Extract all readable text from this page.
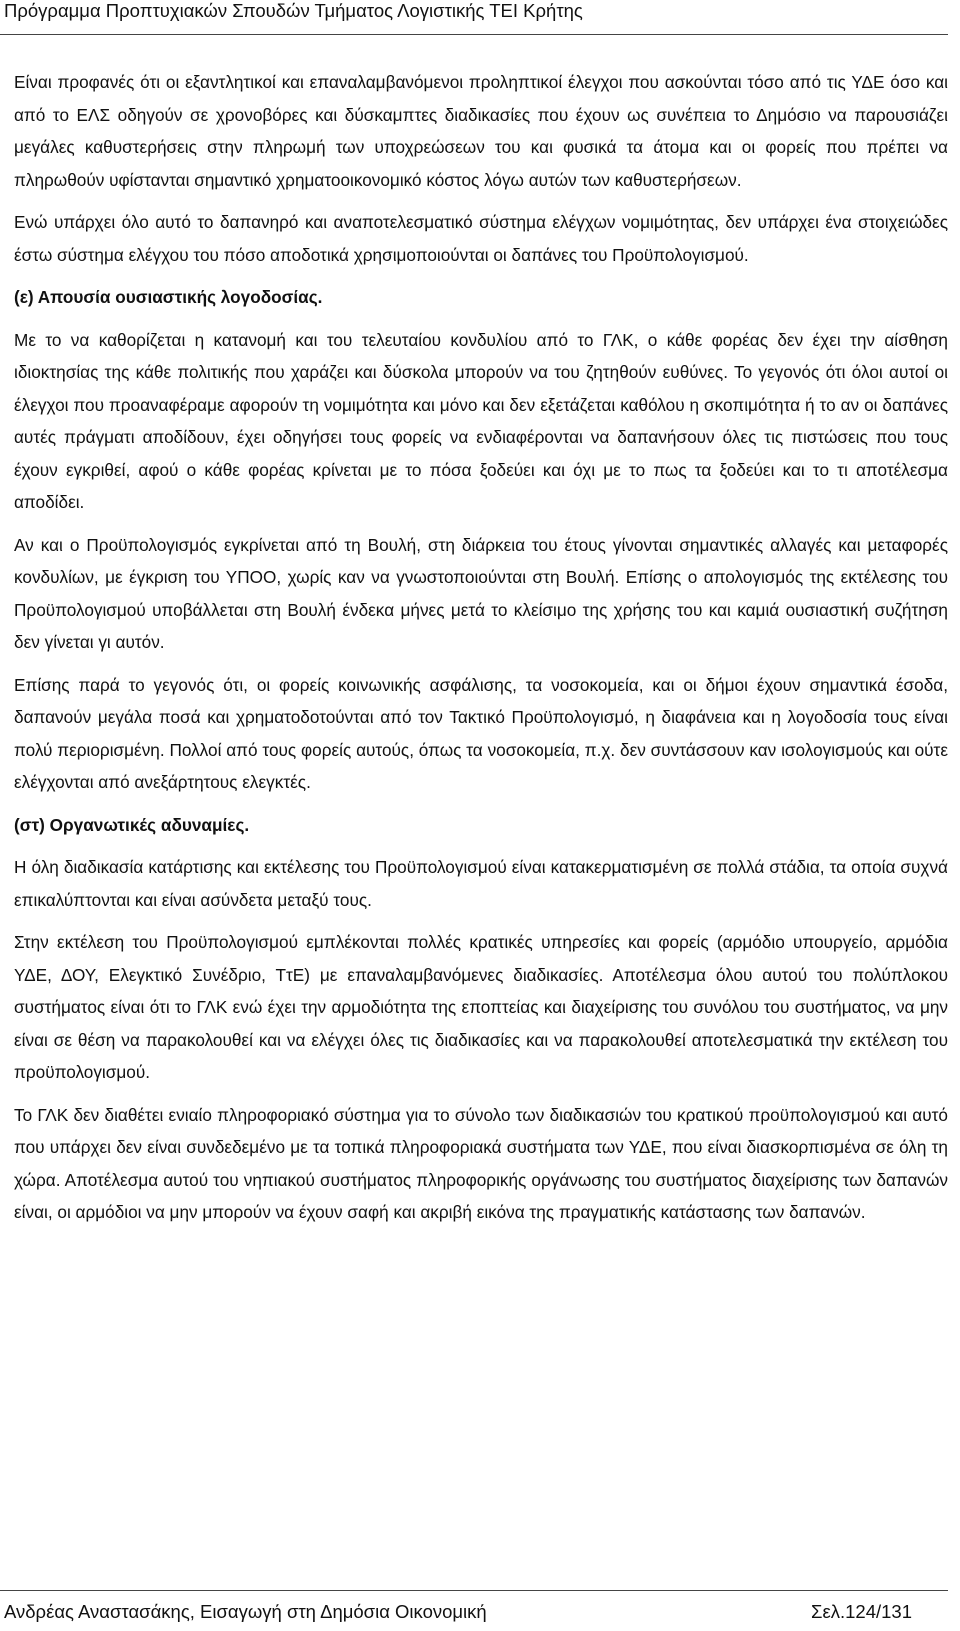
Πρόγραμμα Προπτυχιακών Σπουδών Τμήματος Λογιστικής ΤΕΙ Κρήτης

Είναι προφανές ότι οι εξαντλητικοί και επαναλαμβανόμενοι προληπτικοί έλεγχοι που ασκούνται τόσο από τις ΥΔΕ όσο και από το ΕΛΣ οδηγούν σε χρονοβόρες και δύσκαμπτες διαδικασίες που έχουν ως συνέπεια το Δημόσιο να παρουσιάζει μεγάλες καθυστερήσεις στην πληρωμή των υποχρεώσεων του και φυσικά τα άτομα και οι φορείς που πρέπει να πληρωθούν υφίστανται σημαντικό χρηματοοικονομικό κόστος λόγω αυτών των καθυστερήσεων.

Ενώ υπάρχει όλο αυτό το δαπανηρό και αναποτελεσματικό σύστημα ελέγχων νομιμότητας, δεν υπάρχει ένα στοιχειώδες έστω σύστημα ελέγχου του πόσο αποδοτικά χρησιμοποιούνται οι δαπάνες του Προϋπολογισμού.

(ε) Απουσία ουσιαστικής λογοδοσίας.

Με το να καθορίζεται η κατανομή και του τελευταίου κονδυλίου από το ΓΛΚ, ο κάθε φορέας δεν έχει την αίσθηση ιδιοκτησίας της κάθε πολιτικής που χαράζει και δύσκολα μπορούν να του ζητηθούν ευθύνες. Το γεγονός ότι όλοι αυτοί οι έλεγχοι που προαναφέραμε αφορούν τη νομιμότητα και μόνο και δεν εξετάζεται καθόλου η σκοπιμότητα ή το αν οι δαπάνες αυτές πράγματι αποδίδουν, έχει οδηγήσει τους φορείς να ενδιαφέρονται να δαπανήσουν όλες τις πιστώσεις που τους έχουν εγκριθεί, αφού ο κάθε φορέας κρίνεται με το πόσα ξοδεύει και όχι με το πως τα ξοδεύει και το τι αποτέλεσμα αποδίδει.

Αν και ο Προϋπολογισμός εγκρίνεται από τη Βουλή, στη διάρκεια του έτους γίνονται σημαντικές αλλαγές και μεταφορές κονδυλίων, με έγκριση του ΥΠΟΟ, χωρίς καν να γνωστοποιούνται στη Βουλή. Επίσης ο απολογισμός της εκτέλεσης του Προϋπολογισμού υποβάλλεται στη Βουλή ένδεκα μήνες μετά το κλείσιμο της χρήσης του και καμιά ουσιαστική συζήτηση δεν γίνεται γι αυτόν.

Επίσης παρά το γεγονός ότι, οι φορείς κοινωνικής ασφάλισης, τα νοσοκομεία, και οι δήμοι έχουν σημαντικά έσοδα, δαπανούν μεγάλα ποσά και χρηματοδοτούνται από τον Τακτικό Προϋπολογισμό, η διαφάνεια και η λογοδοσία τους είναι πολύ περιορισμένη. Πολλοί από τους φορείς αυτούς, όπως τα νοσοκομεία, π.χ. δεν συντάσσουν καν ισολογισμούς και ούτε ελέγχονται από ανεξάρτητους ελεγκτές.

(στ) Οργανωτικές αδυναμίες.

Η όλη διαδικασία κατάρτισης και εκτέλεσης του Προϋπολογισμού είναι κατακερματισμένη σε πολλά στάδια, τα οποία συχνά επικαλύπτονται και είναι ασύνδετα μεταξύ τους.

Στην εκτέλεση του Προϋπολογισμού εμπλέκονται πολλές κρατικές υπηρεσίες και φορείς (αρμόδιο υπουργείο, αρμόδια ΥΔΕ, ΔΟΥ, Ελεγκτικό Συνέδριο, ΤτΕ) με επαναλαμβανόμενες διαδικασίες. Αποτέλεσμα όλου αυτού του πολύπλοκου συστήματος είναι ότι το ΓΛΚ ενώ έχει την αρμοδιότητα της εποπτείας και διαχείρισης του συνόλου του συστήματος, να μην είναι σε θέση να παρακολουθεί και να ελέγχει όλες τις διαδικασίες και να παρακολουθεί αποτελεσματικά την εκτέλεση του προϋπολογισμού.

Το ΓΛΚ δεν διαθέτει ενιαίο πληροφοριακό σύστημα για το σύνολο των διαδικασιών του κρατικού προϋπολογισμού και αυτό που υπάρχει δεν είναι συνδεδεμένο με τα τοπικά πληροφοριακά συστήματα των ΥΔΕ, που είναι διασκορπισμένα σε όλη τη χώρα. Αποτέλεσμα αυτού του νηπιακού συστήματος πληροφορικής οργάνωσης του συστήματος διαχείρισης των δαπανών είναι, οι αρμόδιοι να μην μπορούν να έχουν σαφή και ακριβή εικόνα της πραγματικής κατάστασης των δαπανών.

Ανδρέας Αναστασάκης, Εισαγωγή στη Δημόσια Οικονομική	Σελ.124/131
